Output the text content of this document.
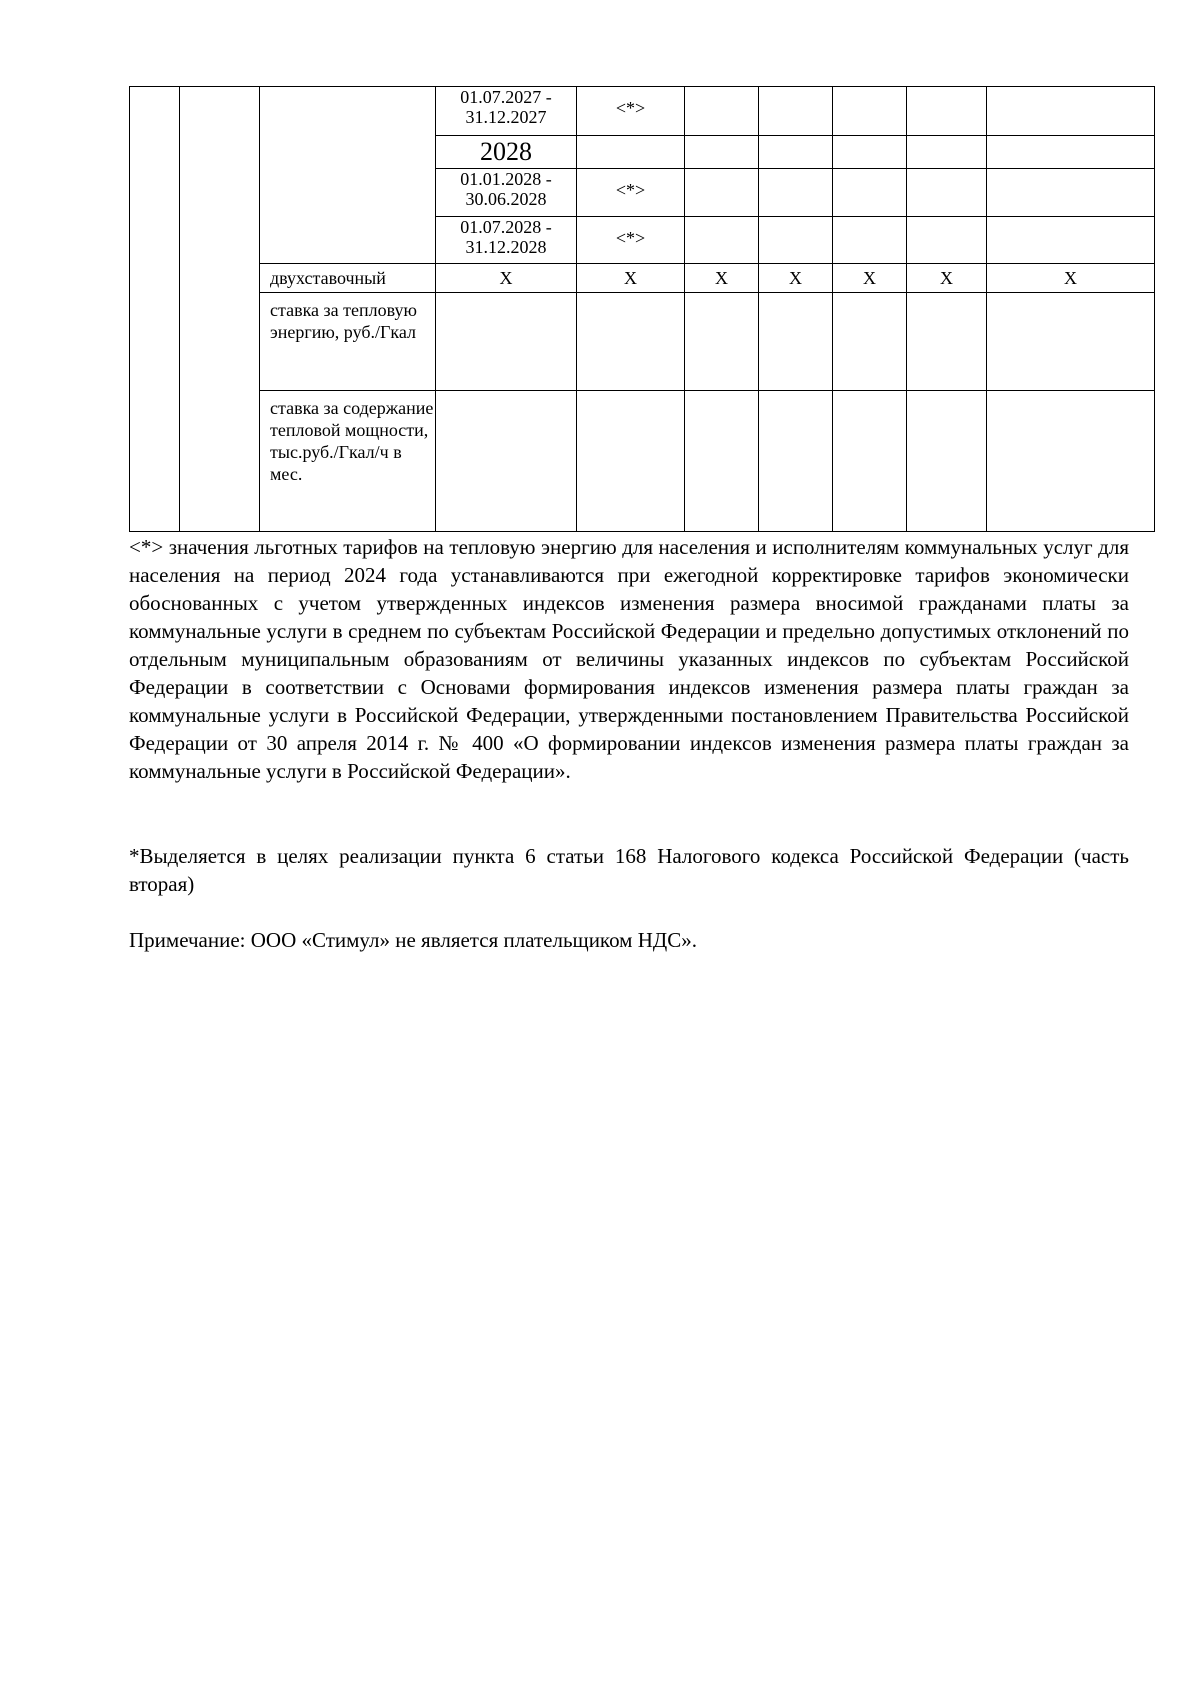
			01.07.2027 - 31.12.2027	<*>					
			2028						
			01.01.2028 - 30.06.2028	<*>					
			01.07.2028 - 31.12.2028	<*>					
		двухставочный	X	X	X	X	X	X	X
		ставка за тепловую энергию, руб./Гкал							
		ставка за содержание тепловой мощности, тыс.руб./Гкал/ч в мес.							

<*> значения льготных тарифов на тепловую энергию для населения и исполнителям коммунальных услуг для населения на период 2024 года устанавливаются при ежегодной корректировке тарифов экономически обоснованных с учетом утвержденных индексов изменения размера вносимой гражданами платы за коммунальные услуги в среднем по субъектам Российской Федерации и предельно допустимых отклонений по отдельным муниципальным образованиям от величины указанных индексов по субъектам Российской Федерации в соответствии с Основами формирования индексов изменения размера платы граждан за коммунальные услуги в Российской Федерации, утвержденными постановлением Правительства Российской Федерации от 30 апреля 2014 г. № 400 «О формировании индексов изменения размера платы граждан за коммунальные услуги в Российской Федерации».

*Выделяется в целях реализации пункта 6 статьи 168 Налогового кодекса Российской Федерации (часть вторая)

Примечание: ООО «Стимул» не является плательщиком НДС».
